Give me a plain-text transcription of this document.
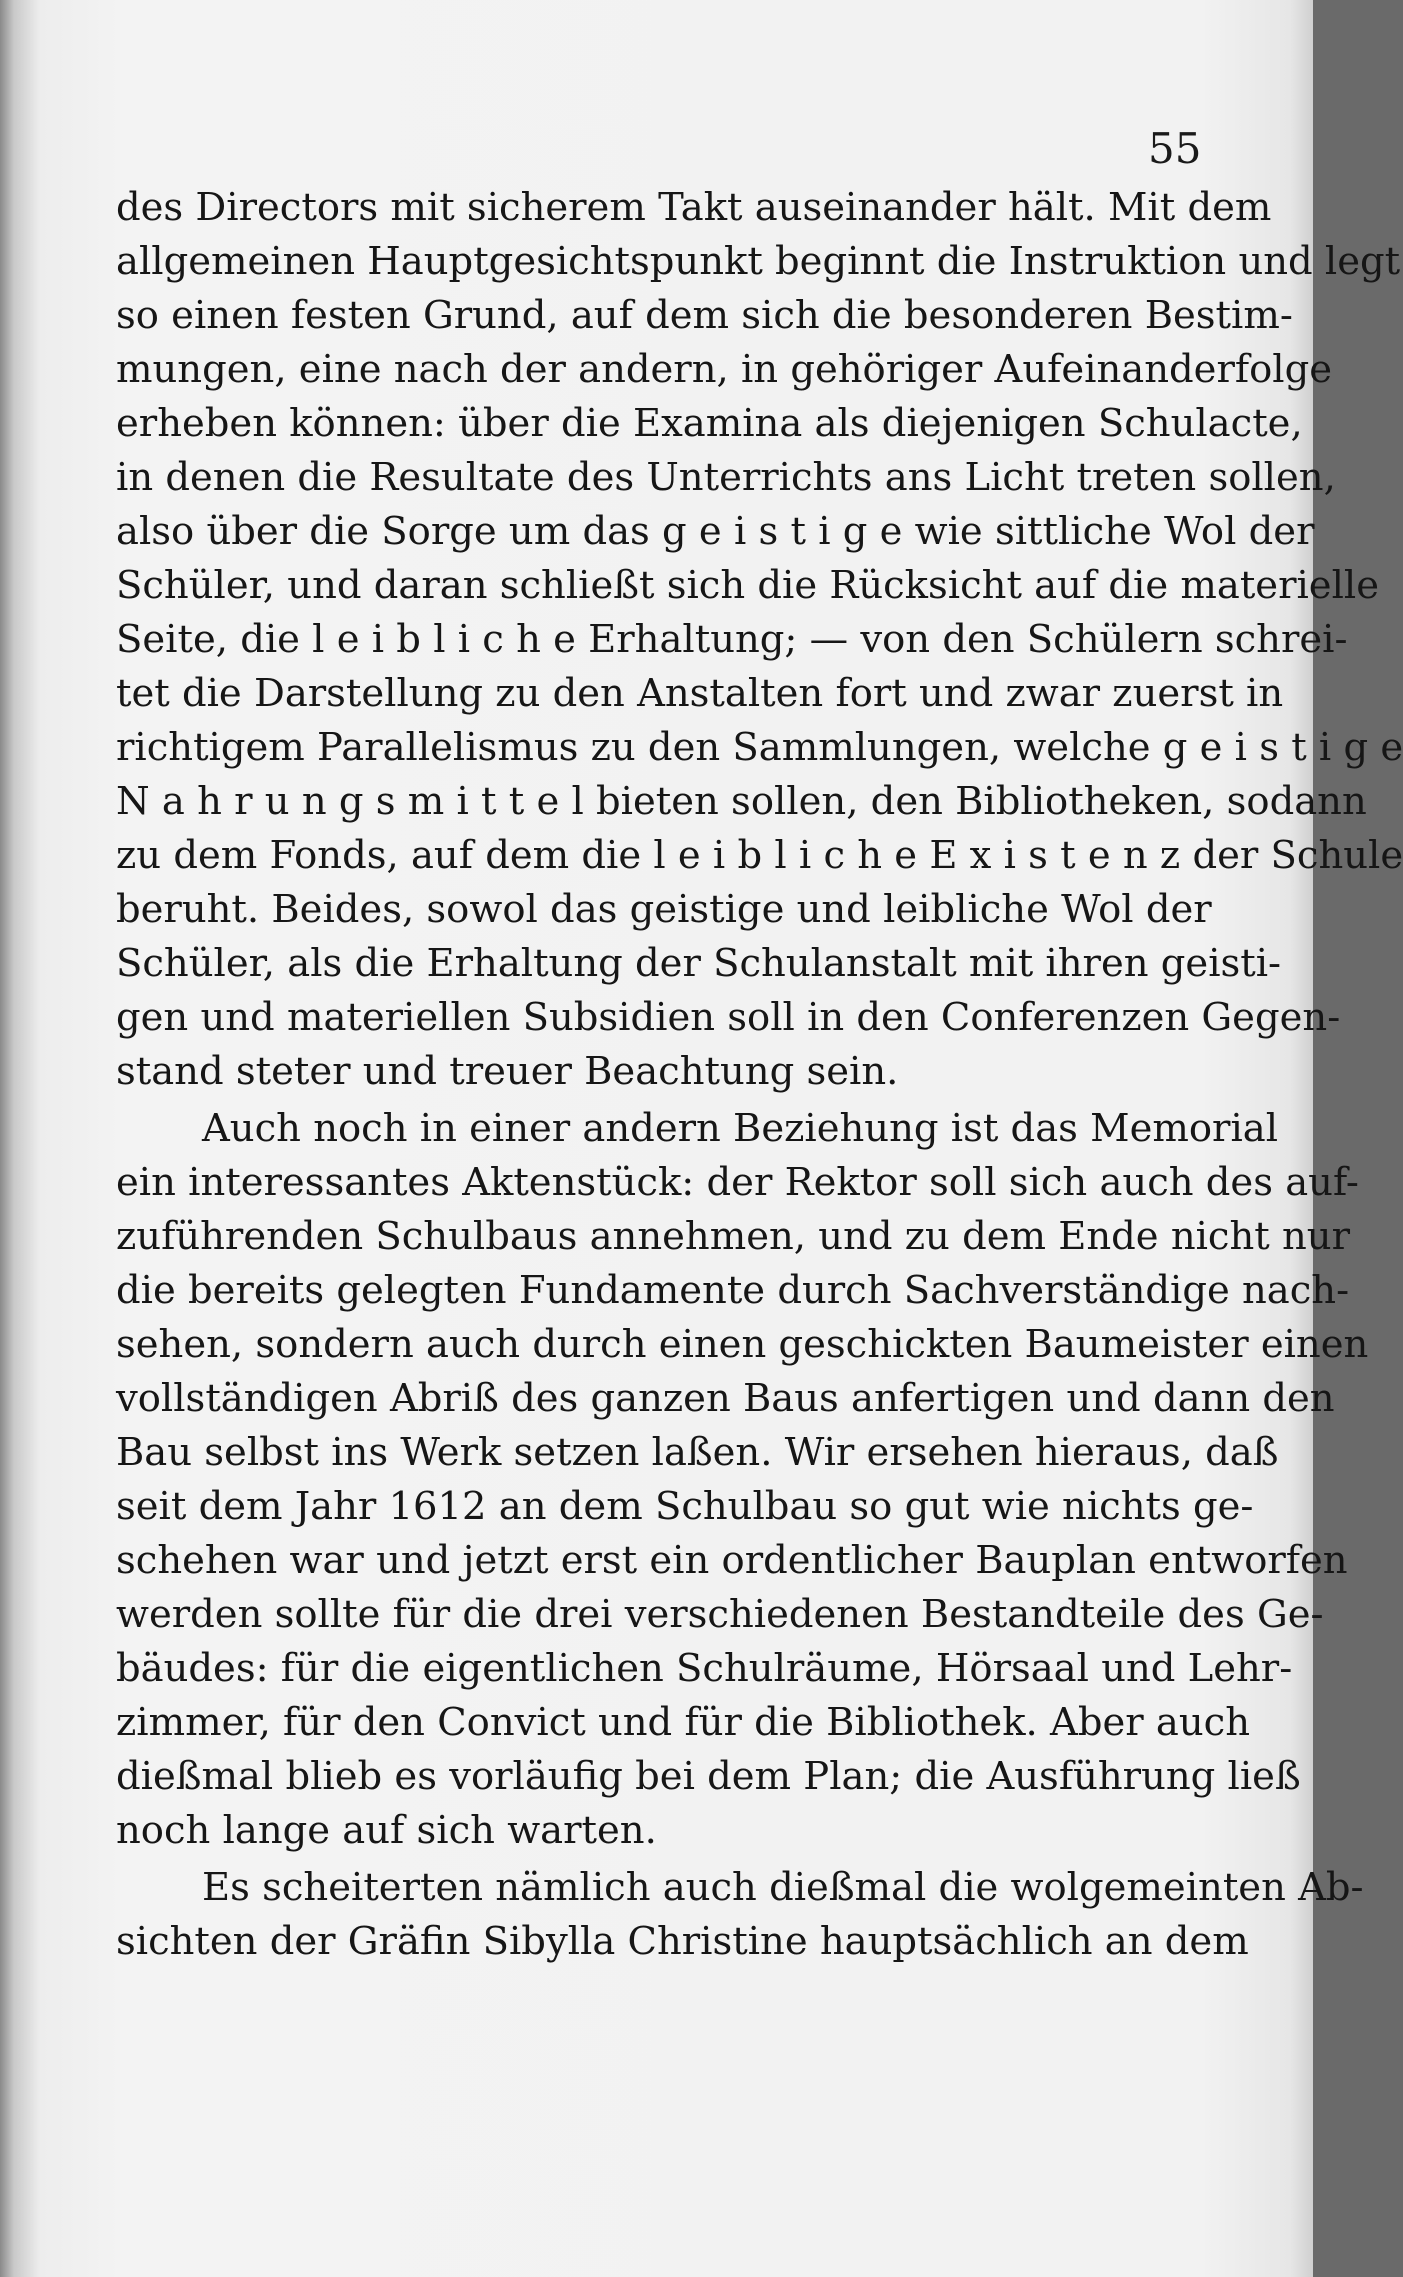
55
des Directors mit sicherem Takt auseinander hält. Mit dem
allgemeinen Hauptgesichtspunkt beginnt die Instruktion und legt
so einen festen Grund, auf dem sich die besonderen Bestim-
mungen, eine nach der andern, in gehöriger Aufeinanderfolge
erheben können: über die Examina als diejenigen Schulacte,
in denen die Resultate des Unterrichts ans Licht treten sollen,
also über die Sorge um das g e i s t i g e wie sittliche Wol der
Schüler, und daran schließt sich die Rücksicht auf die materielle
Seite, die l e i b l i c h e Erhaltung; — von den Schülern schrei-
tet die Darstellung zu den Anstalten fort und zwar zuerst in
richtigem Parallelismus zu den Sammlungen, welche g e i s t i g e
N a h r u n g s m i t t e l bieten sollen, den Bibliotheken, sodann
zu dem Fonds, auf dem die l e i b l i c h e E x i s t e n z der Schule
beruht. Beides, sowol das geistige und leibliche Wol der
Schüler, als die Erhaltung der Schulanstalt mit ihren geisti-
gen und materiellen Subsidien soll in den Conferenzen Gegen-
stand steter und treuer Beachtung sein.
Auch noch in einer andern Beziehung ist das Memorial
ein interessantes Aktenstück: der Rektor soll sich auch des auf-
zuführenden Schulbaus annehmen, und zu dem Ende nicht nur
die bereits gelegten Fundamente durch Sachverständige nach-
sehen, sondern auch durch einen geschickten Baumeister einen
vollständigen Abriß des ganzen Baus anfertigen und dann den
Bau selbst ins Werk setzen laßen. Wir ersehen hieraus, daß
seit dem Jahr 1612 an dem Schulbau so gut wie nichts ge-
schehen war und jetzt erst ein ordentlicher Bauplan entworfen
werden sollte für die drei verschiedenen Bestandteile des Ge-
bäudes: für die eigentlichen Schulräume, Hörsaal und Lehr-
zimmer, für den Convict und für die Bibliothek. Aber auch
dießmal blieb es vorläufig bei dem Plan; die Ausführung ließ
noch lange auf sich warten.
Es scheiterten nämlich auch dießmal die wolgemeinten Ab-
sichten der Gräfin Sibylla Christine hauptsächlich an dem
